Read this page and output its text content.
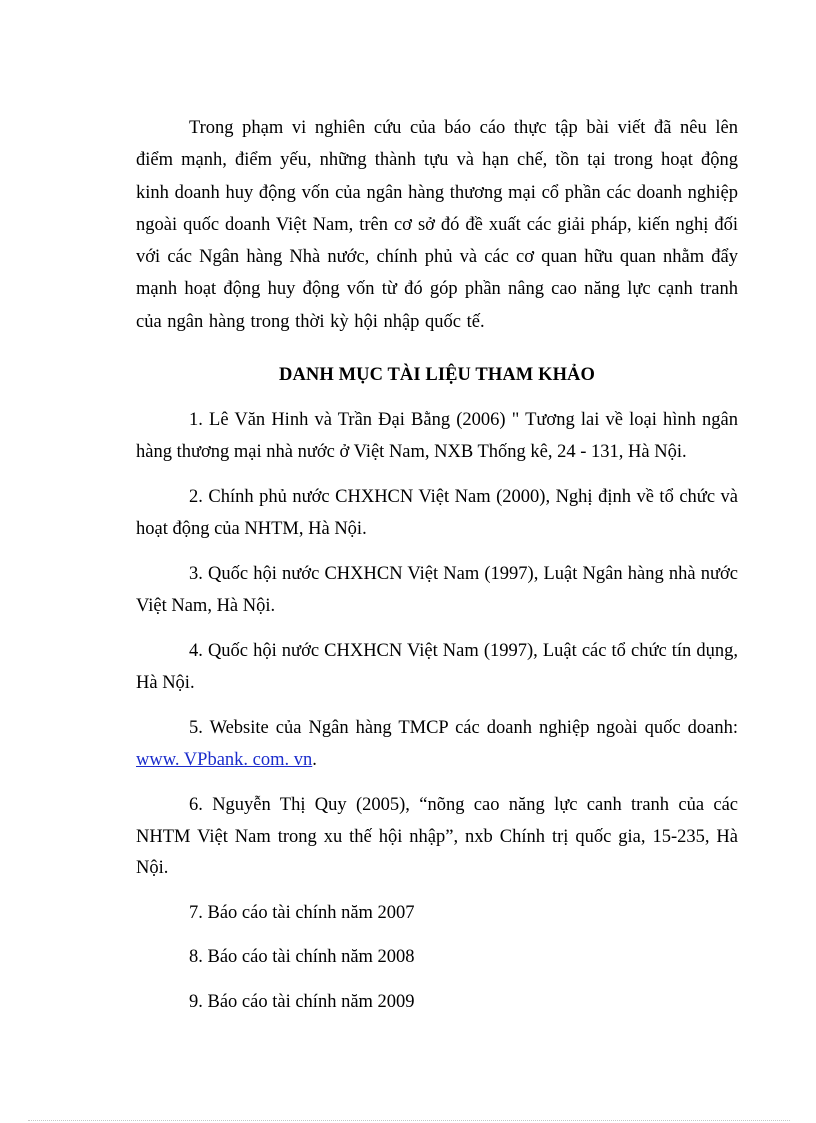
Trong phạm vi nghiên cứu của báo cáo thực tập bài viết đã nêu lên điểm mạnh, điểm yếu, những thành tựu và hạn chế, tồn tại trong hoạt động kinh doanh huy động vốn của ngân hàng thương mại cổ phần các doanh nghiệp ngoài quốc doanh Việt Nam, trên cơ sở đó đề xuất các giải pháp, kiến nghị đối với các Ngân hàng Nhà nước, chính phủ và các cơ quan hữu quan nhằm đẩy mạnh hoạt động huy động vốn từ đó góp phần nâng cao năng lực cạnh tranh của ngân hàng trong thời kỳ hội nhập quốc tế.

DANH MỤC TÀI LIỆU THAM KHẢO

1. Lê Văn Hinh và Trần Đại Bằng (2006) " Tương lai về loại hình ngân hàng thương mại nhà nước ở Việt Nam, NXB Thống kê, 24 - 131, Hà Nội.

2. Chính phủ nước CHXHCN Việt Nam (2000), Nghị định về tổ chức và hoạt động của NHTM, Hà Nội.

3. Quốc hội nước CHXHCN Việt Nam (1997), Luật Ngân hàng nhà nước Việt Nam, Hà Nội.

4. Quốc hội nước CHXHCN Việt Nam (1997), Luật các tổ chức tín dụng, Hà Nội.

5. Website của Ngân hàng TMCP các doanh nghiệp ngoài quốc doanh: www. VPbank. com. vn.

6. Nguyễn Thị Quy (2005), “nõng cao năng lực canh tranh của các NHTM Việt Nam trong xu thế hội nhập”, nxb Chính trị quốc gia, 15-235, Hà Nội.

7. Báo cáo tài chính năm 2007

8. Báo cáo tài chính năm 2008

9. Báo cáo tài chính năm 2009
